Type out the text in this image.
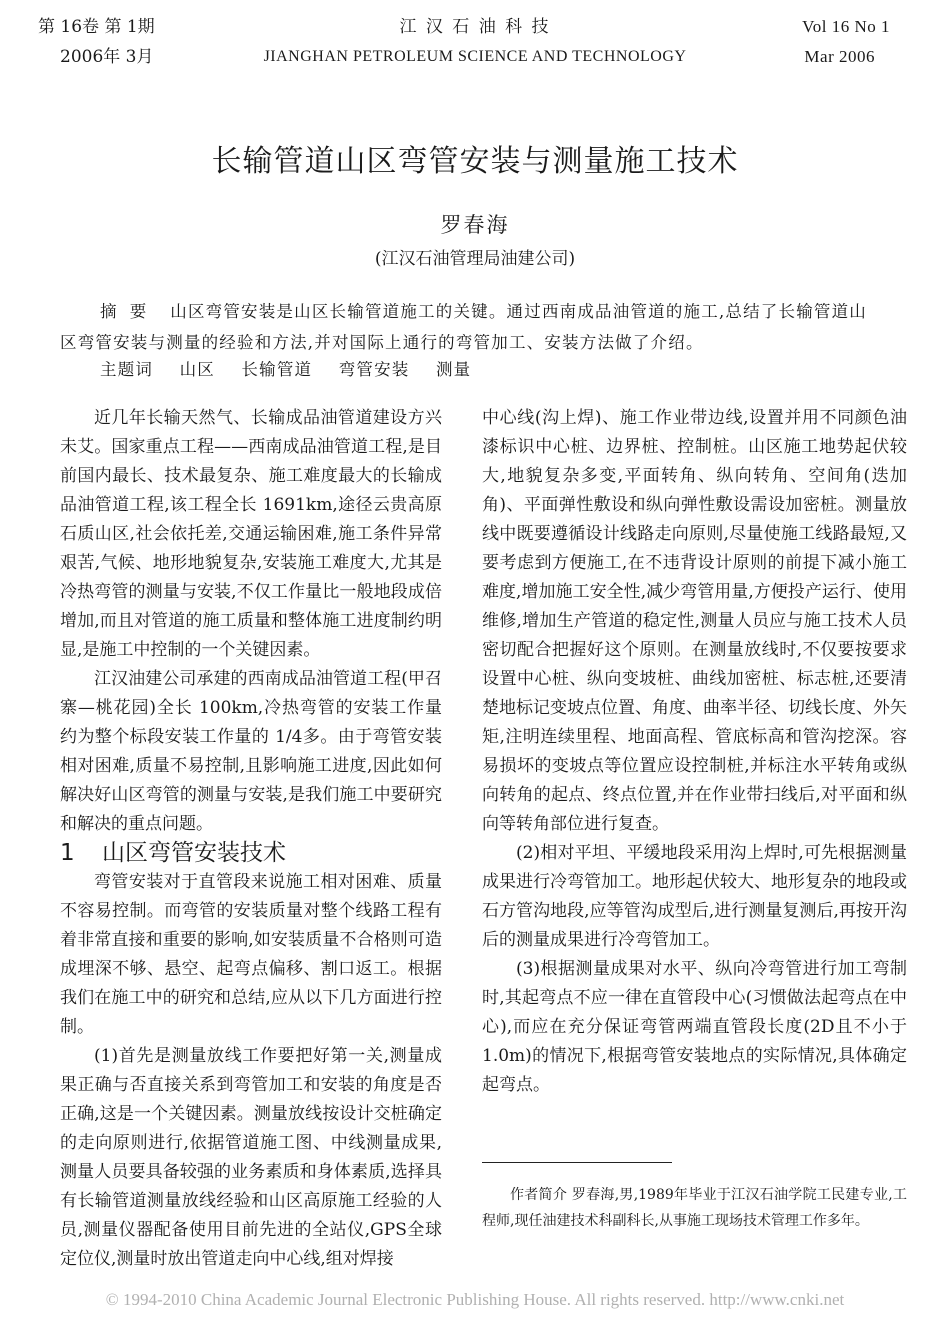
第 16卷 第 1期
2006年 3月
江 汉 石 油 科 技
JIANGHAN PETROLEUM SCIENCE AND TECHNOLOGY
Vol 16 No 1
Mar 2006
长输管道山区弯管安装与测量施工技术
罗春海
(江汉石油管理局油建公司)
摘 要 山区弯管安装是山区长输管道施工的关键。通过西南成品油管道的施工,总结了长输管道山区弯管安装与测量的经验和方法,并对国际上通行的弯管加工、安装方法做了介绍。
主题词 山区 长输管道 弯管安装 测量

近几年长输天然气、长输成品油管道建设方兴未艾。国家重点工程——西南成品油管道工程,是目前国内最长、技术最复杂、施工难度最大的长输成品油管道工程,该工程全长 1691km,途径云贵高原石质山区,社会依托差,交通运输困难,施工条件异常艰苦,气候、地形地貌复杂,安装施工难度大,尤其是冷热弯管的测量与安装,不仅工作量比一般地段成倍增加,而且对管道的施工质量和整体施工进度制约明显,是施工中控制的一个关键因素。

江汉油建公司承建的西南成品油管道工程(甲召寨—桃花园)全长 100km,冷热弯管的安装工作量约为整个标段安装工作量的 1/4多。由于弯管安装相对困难,质量不易控制,且影响施工进度,因此如何解决好山区弯管的测量与安装,是我们施工中要研究和解决的重点问题。

1 山区弯管安装技术

弯管安装对于直管段来说施工相对困难、质量不容易控制。而弯管的安装质量对整个线路工程有着非常直接和重要的影响,如安装质量不合格则可造成埋深不够、悬空、起弯点偏移、割口返工。根据我们在施工中的研究和总结,应从以下几方面进行控制。

(1)首先是测量放线工作要把好第一关,测量成果正确与否直接关系到弯管加工和安装的角度是否正确,这是一个关键因素。测量放线按设计交桩确定的走向原则进行,依据管道施工图、中线测量成果,测量人员要具备较强的业务素质和身体素质,选择具有长输管道测量放线经验和山区高原施工经验的人员,测量仪器配备使用目前先进的全站仪,GPS全球定位仪,测量时放出管道走向中心线,组对焊接

中心线(沟上焊)、施工作业带边线,设置并用不同颜色油漆标识中心桩、边界桩、控制桩。山区施工地势起伏较大,地貌复杂多变,平面转角、纵向转角、空间角(迭加角)、平面弹性敷设和纵向弹性敷设需设加密桩。测量放线中既要遵循设计线路走向原则,尽量使施工线路最短,又要考虑到方便施工,在不违背设计原则的前提下减小施工难度,增加施工安全性,减少弯管用量,方便投产运行、使用维修,增加生产管道的稳定性,测量人员应与施工技术人员密切配合把握好这个原则。在测量放线时,不仅要按要求设置中心桩、纵向变坡桩、曲线加密桩、标志桩,还要清楚地标记变坡点位置、角度、曲率半径、切线长度、外矢矩,注明连续里程、地面高程、管底标高和管沟挖深。容易损坏的变坡点等位置应设控制桩,并标注水平转角或纵向转角的起点、终点位置,并在作业带扫线后,对平面和纵向等转角部位进行复查。

(2)相对平坦、平缓地段采用沟上焊时,可先根据测量成果进行冷弯管加工。地形起伏较大、地形复杂的地段或石方管沟地段,应等管沟成型后,进行测量复测后,再按开沟后的测量成果进行冷弯管加工。

(3)根据测量成果对水平、纵向冷弯管进行加工弯制时,其起弯点不应一律在直管段中心(习惯做法起弯点在中心),而应在充分保证弯管两端直管段长度(2D且不小于 1.0m)的情况下,根据弯管安装地点的实际情况,具体确定起弯点。

作者简介 罗春海,男,1989年毕业于江汉石油学院工民建专业,工程师,现任油建技术科副科长,从事施工现场技术管理工作多年。
© 1994-2010 China Academic Journal Electronic Publishing House. All rights reserved. http://www.cnki.net
